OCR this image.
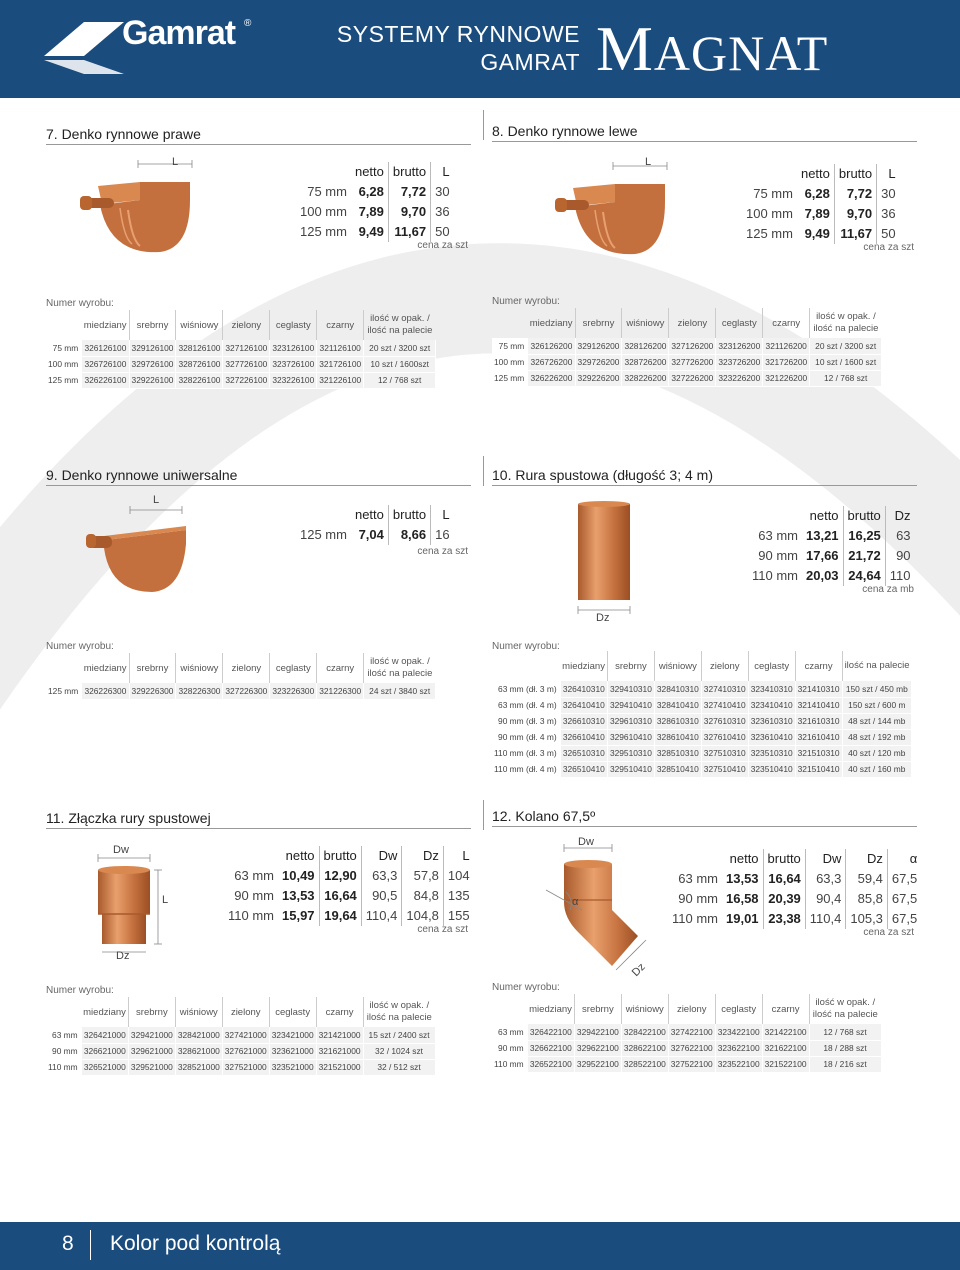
Gamrat ®	SYSTEMY RYNNOWE
GAMRAT MAGNAT
7. Denko rynnowe prawe
L
	netto	brutto	L
75 mm	6,28	7,72	30
100 mm	7,89	9,70	36
125 mm	9,49	11,67	50
cena za szt
Numer wyrobu:
	miedziany	srebrny	wiśniowy	zielony	ceglasty	czarny	ilość w opak. / ilość na palecie
75 mm	326126100	329126100	328126100	327126100	323126100	321126100	20 szt / 3200 szt
100 mm	326726100	329726100	328726100	327726100	323726100	321726100	10 szt / 1600szt
125 mm	326226100	329226100	328226100	327226100	323226100	321226100	12 / 768 szt
8. Denko rynnowe lewe
L
	netto	brutto	L
75 mm	6,28	7,72	30
100 mm	7,89	9,70	36
125 mm	9,49	11,67	50
cena za szt
Numer wyrobu:
	miedziany	srebrny	wiśniowy	zielony	ceglasty	czarny	ilość w opak. / ilość na palecie
75 mm	326126200	329126200	328126200	327126200	323126200	321126200	20 szt / 3200 szt
100 mm	326726200	329726200	328726200	327726200	323726200	321726200	10 szt / 1600 szt
125 mm	326226200	329226200	328226200	327226200	323226200	321226200	12 / 768 szt
9. Denko rynnowe uniwersalne
L
	netto	brutto	L
125 mm	7,04	8,66	16
cena za szt
Numer wyrobu:
	miedziany	srebrny	wiśniowy	zielony	ceglasty	czarny	ilość w opak. / ilość na palecie
125 mm	326226300	329226300	328226300	327226300	323226300	321226300	24 szt / 3840 szt
10. Rura spustowa (długość 3; 4 m)
Dz
	netto	brutto	Dz
63 mm	13,21	16,25	63
90 mm	17,66	21,72	90
110 mm	20,03	24,64	110
cena za mb
Numer wyrobu:
	miedziany	srebrny	wiśniowy	zielony	ceglasty	czarny	ilość na palecie
63 mm (dł. 3 m)	326410310	329410310	328410310	327410310	323410310	321410310	150 szt / 450 mb
63 mm (dł. 4 m)	326410410	329410410	328410410	327410410	323410410	321410410	150 szt / 600 m
90 mm (dł. 3 m)	326610310	329610310	328610310	327610310	323610310	321610310	48 szt / 144 mb
90 mm (dł. 4 m)	326610410	329610410	328610410	327610410	323610410	321610410	48 szt / 192 mb
110 mm (dł. 3 m)	326510310	329510310	328510310	327510310	323510310	321510310	40 szt / 120 mb
110 mm (dł. 4 m)	326510410	329510410	328510410	327510410	323510410	321510410	40 szt / 160 mb
11. Złączka rury spustowej
Dw
L
Dz
	netto	brutto	Dw	Dz	L
63 mm	10,49	12,90	63,3	57,8	104
90 mm	13,53	16,64	90,5	84,8	135
110 mm	15,97	19,64	110,4	104,8	155
cena za szt
Numer wyrobu:
	miedziany	srebrny	wiśniowy	zielony	ceglasty	czarny	ilość w opak. / ilość na palecie
63 mm	326421000	329421000	328421000	327421000	323421000	321421000	15 szt / 2400 szt
90 mm	326621000	329621000	328621000	327621000	323621000	321621000	32 / 1024 szt
110 mm	326521000	329521000	328521000	327521000	323521000	321521000	32 / 512 szt
12. Kolano 67,5º
Dw
α
Dz
	netto	brutto	Dw	Dz	α
63 mm	13,53	16,64	63,3	59,4	67,5
90 mm	16,58	20,39	90,4	85,8	67,5
110 mm	19,01	23,38	110,4	105,3	67,5
cena za szt
Numer wyrobu:
	miedziany	srebrny	wiśniowy	zielony	ceglasty	czarny	ilość w opak. / ilość na palecie
63 mm	326422100	329422100	328422100	327422100	323422100	321422100	12 / 768 szt
90 mm	326622100	329622100	328622100	327622100	323622100	321622100	18 / 288 szt
110 mm	326522100	329522100	328522100	327522100	323522100	321522100	18 / 216 szt
8 Kolor pod kontrolą
